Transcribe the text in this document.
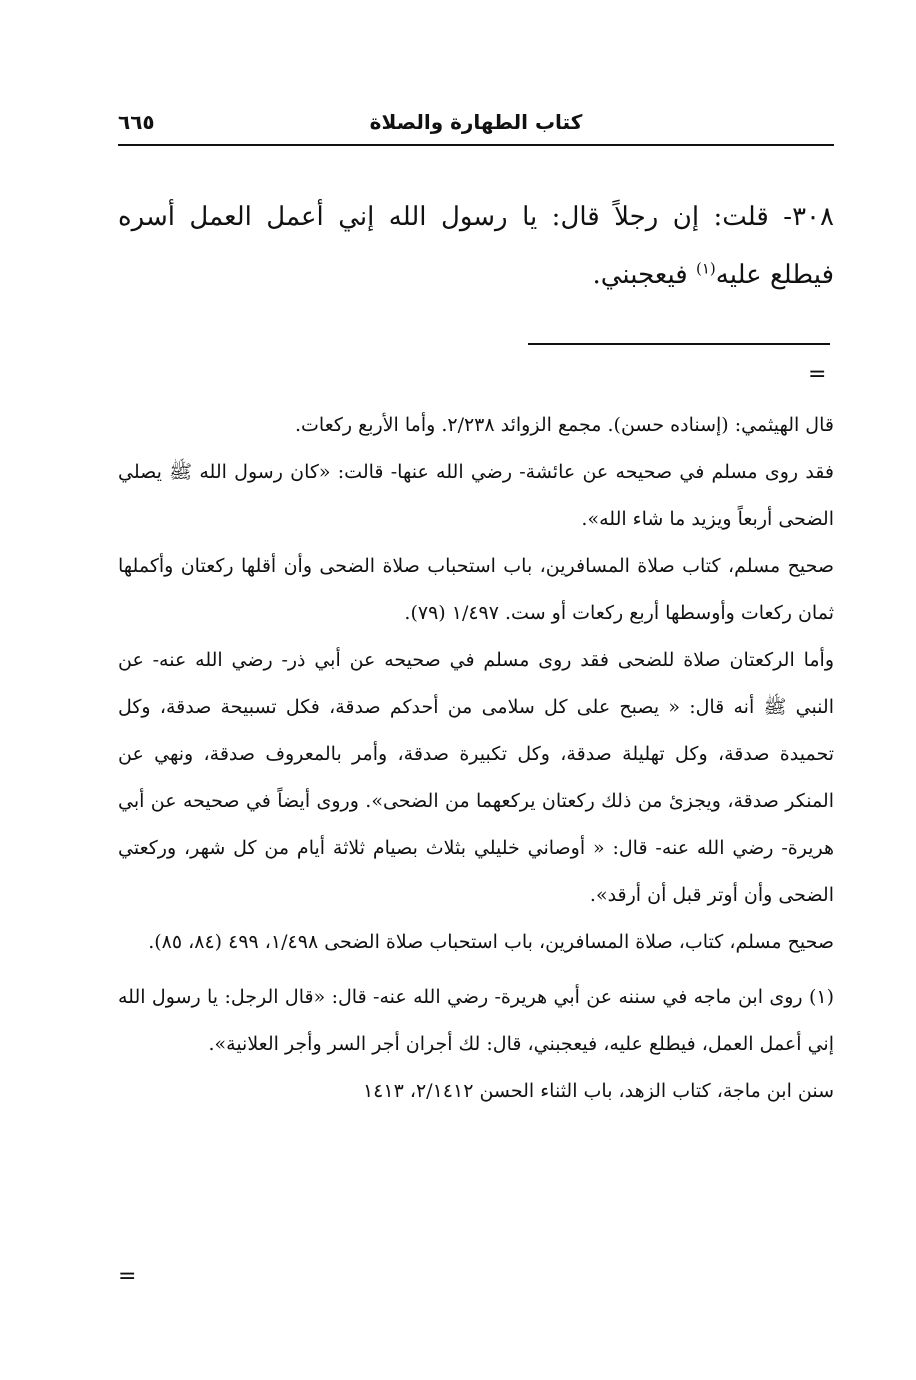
كتاب الطهارة والصلاة
٦٦٥

٣٠٨- قلت: إن رجلاً قال: يا رسول الله إني أعمل العمل أسره فيطلع عليه$^{(١)}$ فيعجبني.

=

قال الهيثمي: (إسناده حسن). مجمع الزوائد ٢/٢٣٨. وأما الأربع ركعات.

فقد روى مسلم في صحيحه عن عائشة- رضي الله عنها- قالت: «كان رسول الله ﷺ يصلي الضحى أربعاً ويزيد ما شاء الله».

صحيح مسلم، كتاب صلاة المسافرين، باب استحباب صلاة الضحى وأن أقلها ركعتان وأكملها ثمان ركعات وأوسطها أربع ركعات أو ست. ١/٤٩٧ (٧٩).

وأما الركعتان صلاة للضحى فقد روى مسلم في صحيحه عن أبي ذر- رضي الله عنه- عن النبي ﷺ أنه قال: « يصبح على كل سلامى من أحدكم صدقة، فكل تسبيحة صدقة، وكل تحميدة صدقة، وكل تهليلة صدقة، وكل تكبيرة صدقة، وأمر بالمعروف صدقة، ونهي عن المنكر صدقة، ويجزئ من ذلك ركعتان يركعهما من الضحى». وروى أيضاً في صحيحه عن أبي هريرة- رضي الله عنه- قال: « أوصاني خليلي بثلاث بصيام ثلاثة أيام من كل شهر، وركعتي الضحى وأن أوتر قبل أن أرقد».

صحيح مسلم، كتاب، صلاة المسافرين، باب استحباب صلاة الضحى ١/٤٩٨، ٤٩٩ (٨٤، ٨٥).

(١) روى ابن ماجه في سننه عن أبي هريرة- رضي الله عنه- قال: «قال الرجل: يا رسول الله إني أعمل العمل، فيطلع عليه، فيعجبني، قال: لك أجران أجر السر وأجر العلانية».

سنن ابن ماجة، كتاب الزهد، باب الثناء الحسن ٢/١٤١٢، ١٤١٣

=
